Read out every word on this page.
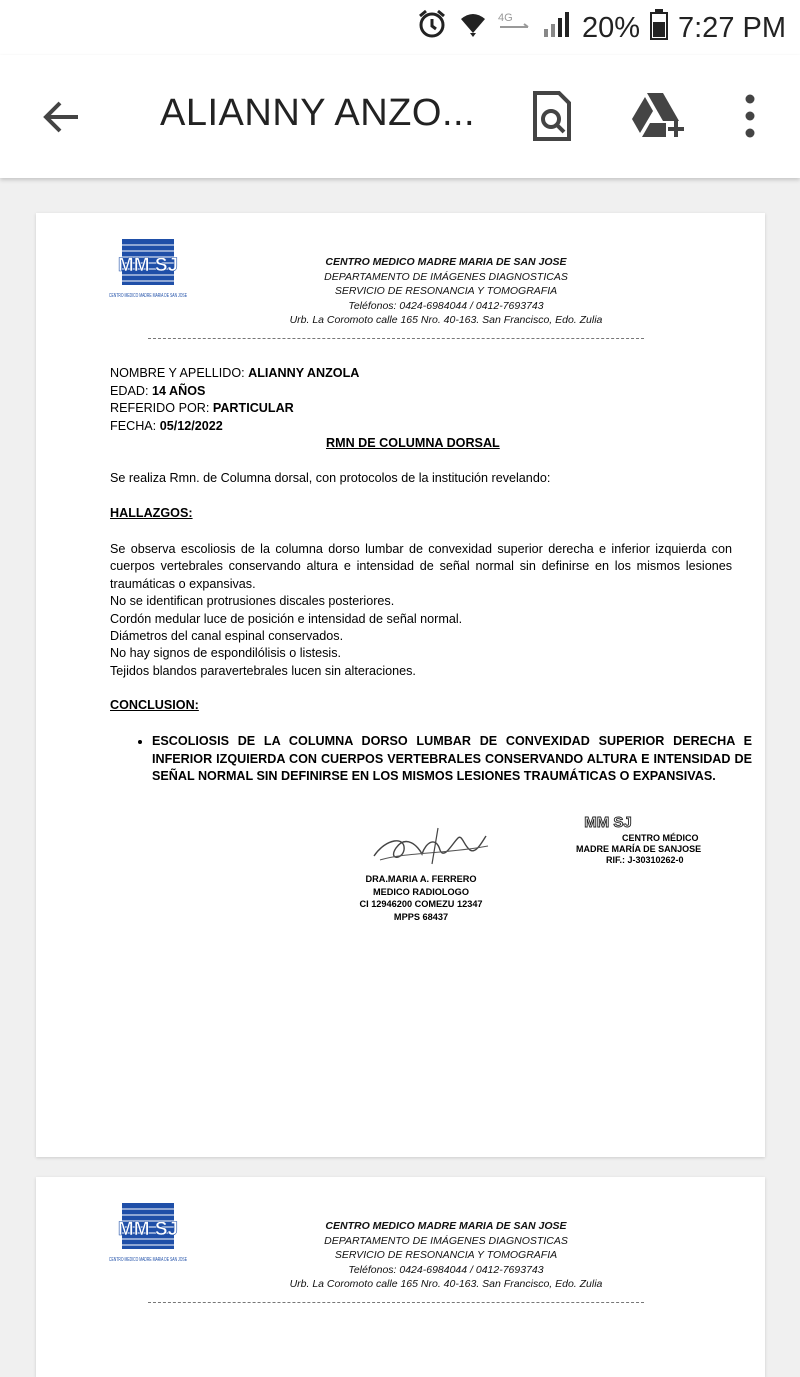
4G 20% 7:27 PM
ALIANNY ANZO...
MM SJ
CENTRO MEDICO MADRE MARIA DE SAN JOSE
CENTRO MEDICO MADRE MARIA DE SAN JOSE
DEPARTAMENTO DE IMÁGENES DIAGNOSTICAS
SERVICIO DE RESONANCIA Y TOMOGRAFIA
Teléfonos: 0424-6984044 / 0412-7693743
Urb. La Coromoto calle 165 Nro. 40-163. San Francisco, Edo. Zulia
NOMBRE Y APELLIDO: ALIANNY ANZOLA
EDAD: 14 AÑOS
REFERIDO POR: PARTICULAR
FECHA: 05/12/2022
RMN DE COLUMNA DORSAL
Se realiza Rmn. de Columna dorsal, con protocolos de la institución revelando:
HALLAZGOS:

Se observa escoliosis de la columna dorso lumbar de convexidad superior derecha e inferior izquierda con cuerpos vertebrales conservando altura e intensidad de señal normal sin definirse en los mismos lesiones traumáticas o expansivas.

No se identifican protrusiones discales posteriores.

Cordón medular luce de posición e intensidad de señal normal.

Diámetros del canal espinal conservados.

No hay signos de espondilólisis o listesis.

Tejidos blandos paravertebrales lucen sin alteraciones.

CONCLUSION:
• ESCOLIOSIS DE LA COLUMNA DORSO LUMBAR DE CONVEXIDAD SUPERIOR DERECHA E INFERIOR IZQUIERDA CON CUERPOS VERTEBRALES CONSERVANDO ALTURA E INTENSIDAD DE SEÑAL NORMAL SIN DEFINIRSE EN LOS MISMOS LESIONES TRAUMÁTICAS O EXPANSIVAS.
DRA.MARIA A. FERRERO
MEDICO RADIOLOGO
CI 12946200 COMEZU 12347
MPPS 68437
MM SJ
CENTRO MÉDICO
MADRE MARÍA DE SANJOSE
RIF.: J-30310262-0
MM SJ
CENTRO MEDICO MADRE MARIA DE SAN JOSE
CENTRO MEDICO MADRE MARIA DE SAN JOSE
DEPARTAMENTO DE IMÁGENES DIAGNOSTICAS
SERVICIO DE RESONANCIA Y TOMOGRAFIA
Teléfonos: 0424-6984044 / 0412-7693743
Urb. La Coromoto calle 165 Nro. 40-163. San Francisco, Edo. Zulia
